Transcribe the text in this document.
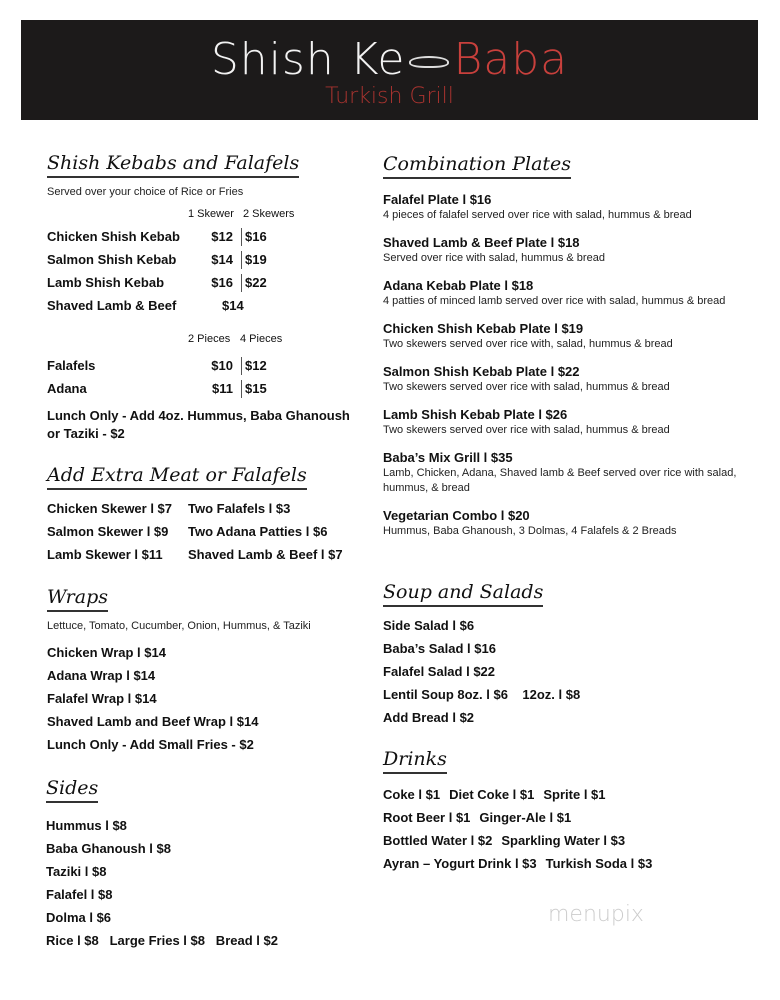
Shish Ke Baba
Turkish Grill
Shish Kebabs and Falafels
Served over your choice of Rice or Fries
1 Skewer 2 Skewers
Chicken Shish Kebab $12 $16
Salmon Shish Kebab	$14 $19
Lamb Shish Kebab	$16 $22
Shaved Lamb & Beef	$14
2 Pieces 4 Pieces
Falafels	$10 $12
Adana	$11 $15
Lunch Only - Add 4oz. Hummus, Baba Ghanoush
or Taziki - $2
Add Extra Meat or Falafels
Chicken Skewer l $7 Two Falafels l $3
Salmon Skewer l $9 Two Adana Patties l $6
Lamb Skewer l $11 Shaved Lamb & Beef l $7
Wraps
Lettuce, Tomato, Cucumber, Onion, Hummus, & Taziki
Chicken Wrap l $14
Adana Wrap l $14
Falafel Wrap l $14
Shaved Lamb and Beef Wrap l $14
Lunch Only - Add Small Fries - $2
Sides
Hummus l $8
Baba Ghanoush l $8
Taziki l $8
Falafel l $8
Dolma l $6
Rice l $8   Large Fries l $8   Bread l $2
Combination Plates
Falafel Plate l $16
4 pieces of falafel served over rice with salad, hummus & bread
Shaved Lamb & Beef Plate l $18
Served over rice with salad, hummus & bread
Adana Kebab Plate l $18
4 patties of minced lamb served over rice with salad, hummus & bread
Chicken Shish Kebab Plate l $19
Two skewers served over rice with, salad, hummus & bread
Salmon Shish Kebab Plate l $22
Two skewers served over rice with salad, hummus & bread
Lamb Shish Kebab Plate l $26
Two skewers served over rice with salad, hummus & bread
Baba’s Mix Grill l $35
Lamb, Chicken, Adana, Shaved lamb & Beef served over rice with salad, hummus, & bread
Vegetarian Combo l $20
Hummus, Baba Ghanoush, 3 Dolmas, 4 Falafels & 2 Breads
Soup and Salads
Side Salad l $6
Baba’s Salad l $16
Falafel Salad l $22
Lentil Soup 8oz. l $6    12oz. l $8
Add Bread l $2
Drinks
Coke l $1 Diet Coke l $1 Sprite l $1
Root Beer l $1 Ginger-Ale l $1
Bottled Water l $2 Sparkling Water l $3
Ayran – Yogurt Drink l $3 Turkish Soda l $3
menupix
